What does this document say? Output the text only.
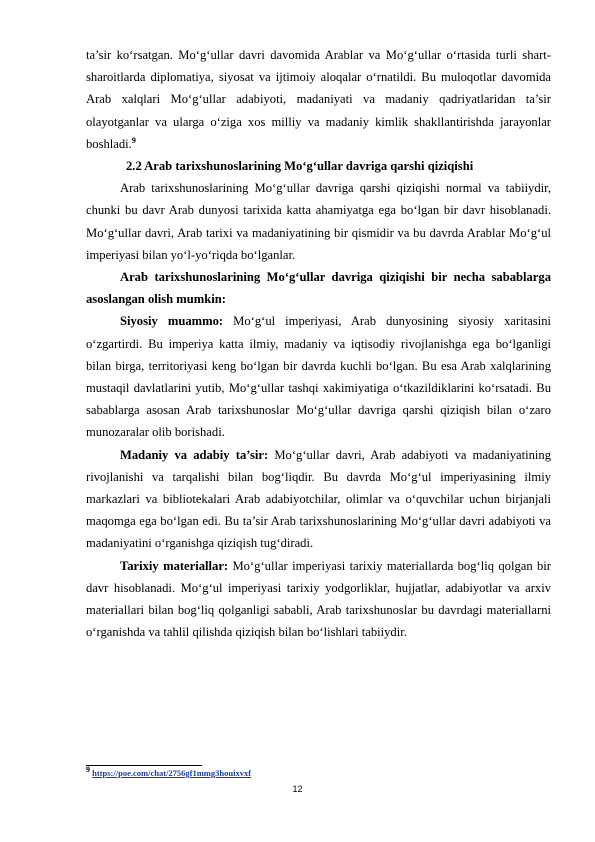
ta’sir ko‘rsatgan. Mo‘g‘ullar davri davomida Arablar va Mo‘g‘ullar o‘rtasida turli shart-sharoitlarda diplomatiya, siyosat va ijtimoiy aloqalar o‘rnatildi. Bu muloqotlar davomida Arab xalqlari Mo‘g‘ullar adabiyoti, madaniyati va madaniy qadriyatlaridan ta’sir olayotganlar va ularga o‘ziga xos milliy va madaniy kimlik shakllantirishda jarayonlar boshladi.$^9$

2.2 Arab tarixshunoslarining Mo‘g‘ullar davriga qarshi qiziqishi

Arab tarixshunoslarining Mo‘g‘ullar davriga qarshi qiziqishi normal va tabiiydir, chunki bu davr Arab dunyosi tarixida katta ahamiyatga ega bo‘lgan bir davr hisoblanadi. Mo‘g‘ullar davri, Arab tarixi va madaniyatining bir qismidir va bu davrda Arablar Mo‘g‘ul imperiyasi bilan yo‘l-yo‘riqda bo‘lganlar.

Arab tarixshunoslarining Mo‘g‘ullar davriga qiziqishi bir necha sabablarga asoslangan olish mumkin:

Siyosiy muammo: Mo‘g‘ul imperiyasi, Arab dunyosining siyosiy xaritasini o‘zgartirdi. Bu imperiya katta ilmiy, madaniy va iqtisodiy rivojlanishga ega bo‘lganligi bilan birga, territoriyasi keng bo‘lgan bir davrda kuchli bo‘lgan. Bu esa Arab xalqlarining mustaqil davlatlarini yutib, Mo‘g‘ullar tashqi xakimiyatiga o‘tkazildiklarini ko‘rsatadi. Bu sabablarga asosan Arab tarixshunoslar Mo‘g‘ullar davriga qarshi qiziqish bilan o‘zaro munozaralar olib borishadi.

Madaniy va adabiy ta’sir: Mo‘g‘ullar davri, Arab adabiyoti va madaniyatining rivojlanishi va tarqalishi bilan bog‘liqdir. Bu davrda Mo‘g‘ul imperiyasining ilmiy markazlari va bibliotekalari Arab adabiyotchilar, olimlar va o‘quvchilar uchun birjanjali maqomga ega bo‘lgan edi. Bu ta’sir Arab tarixshunoslarining Mo‘g‘ullar davri adabiyoti va madaniyatini o‘rganishga qiziqish tug‘diradi.

Tarixiy materiallar: Mo‘g‘ullar imperiyasi tarixiy materiallarda bog‘liq qolgan bir davr hisoblanadi. Mo‘g‘ul imperiyasi tarixiy yodgorliklar, hujjatlar, adabiyotlar va arxiv materiallari bilan bog‘liq qolganligi sababli, Arab tarixshunoslar bu davrdagi materiallarni o‘rganishda va tahlil qilishda qiziqish bilan bo‘lishlari tabiiydir.

$^9$ https://poe.com/chat/2756gf1mmg3houixvxf
12
